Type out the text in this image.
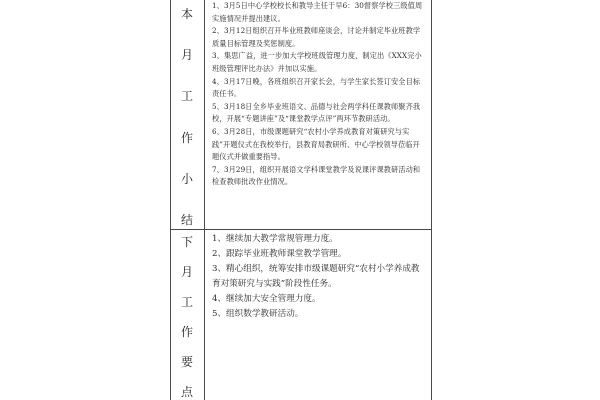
本
月
工
作
小
结

1、3月5日中心学校校长和教导主任于早6：30督察学校三级值周实施情况并提出建议。

2、3月12日组织召开毕业班教师座谈会，讨论并制定毕业班教学质量目标管理及奖惩制度。

3、集思广益，进一步加大学校班级管理力度，制定出《XXX完小班级管理评比办法》并加以实施。

4、3月17日晚，各班组织召开家长会，与学生家长签订安全目标责任书。

5、3月18日全乡毕业班语文、品德与社会两学科任课教师聚齐我校，开展“专题讲座”及“课堂教学点评”两环节教研活动。

6、3月28日，市级课题研究“农村小学养成教育对策研究与实践”开题仪式在我校举行，县教育局教研所、中心学校领导莅临开题仪式并做重要指导。

7、3月29日，组织开展语文学科课堂教学及说课评课教研活动和检查教师批改作业情况。

下
月
工
作
要
点

1、继续加大教学常规管理力度。

2、跟踪毕业班教师课堂教学管理。

3、精心组织，统筹安排市级课题研究“农村小学养成教育对策研究与实践”阶段性任务。

4、继续加大安全管理力度。

5、组织数学教研活动。
